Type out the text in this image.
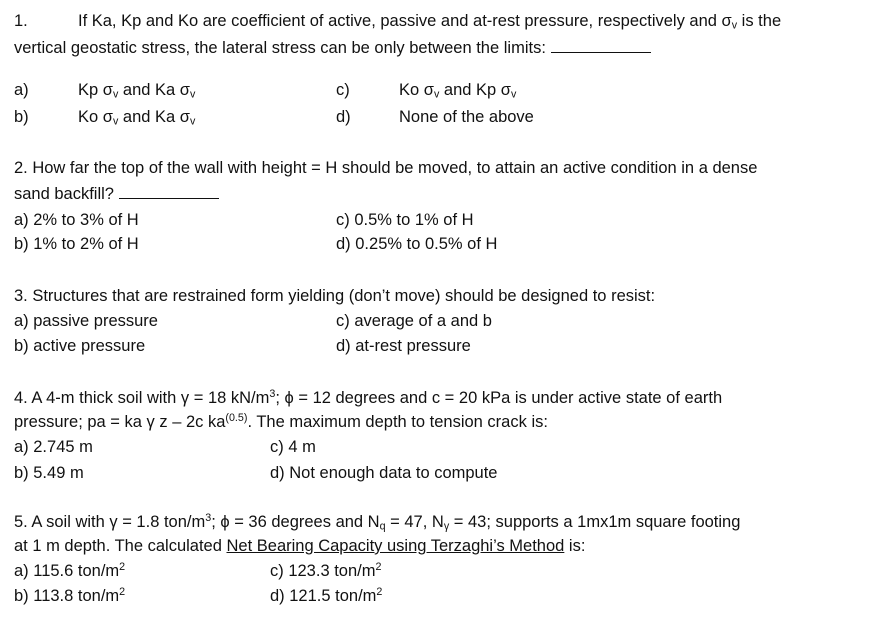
1.	If Ka, Kp and Ko are coefficient of active, passive and at-rest pressure, respectively and $\sigma_v$ is the
vertical geostatic stress, the lateral stress can be only between the limits:
a)	Kp $\sigma_v$ and Ka $\sigma_v$
b)	Ko $\sigma_v$ and Ka $\sigma_v$
c)	Ko $\sigma_v$ and Kp $\sigma_v$
d)	None of the above
2. How far the top of the wall with height = H should be moved, to attain an active condition in a dense
sand backfill?
a) 2% to 3% of H
b) 1% to 2% of H
c) 0.5% to 1% of H
d) 0.25% to 0.5% of H
3. Structures that are restrained form yielding (don’t move) should be designed to resist:
a) passive pressure
b) active pressure
c) average of a and b
d) at-rest pressure
4. A 4-m thick soil with γ = 18 $kN/m^3$; ϕ = 12 degrees and c = 20 kPa is under active state of earth
pressure; pa = ka γ z – 2c $ka^{(0.5)}$. The maximum depth to tension crack is:
a) 2.745 m
b) 5.49 m
c) 4 m
d) Not enough data to compute
5. A soil with γ = 1.8 ton/$m^3$; ϕ = 36 degrees and $N_q = 47$, $N_\gamma = 43$; supports a 1mx1m square footing
at 1 m depth. The calculated Net Bearing Capacity using Terzaghi’s Method is:
a) 115.6 ton/$m^2$
b) 113.8 ton/$m^2$
c) 123.3 ton/$m^2$
d) 121.5 ton/$m^2$
